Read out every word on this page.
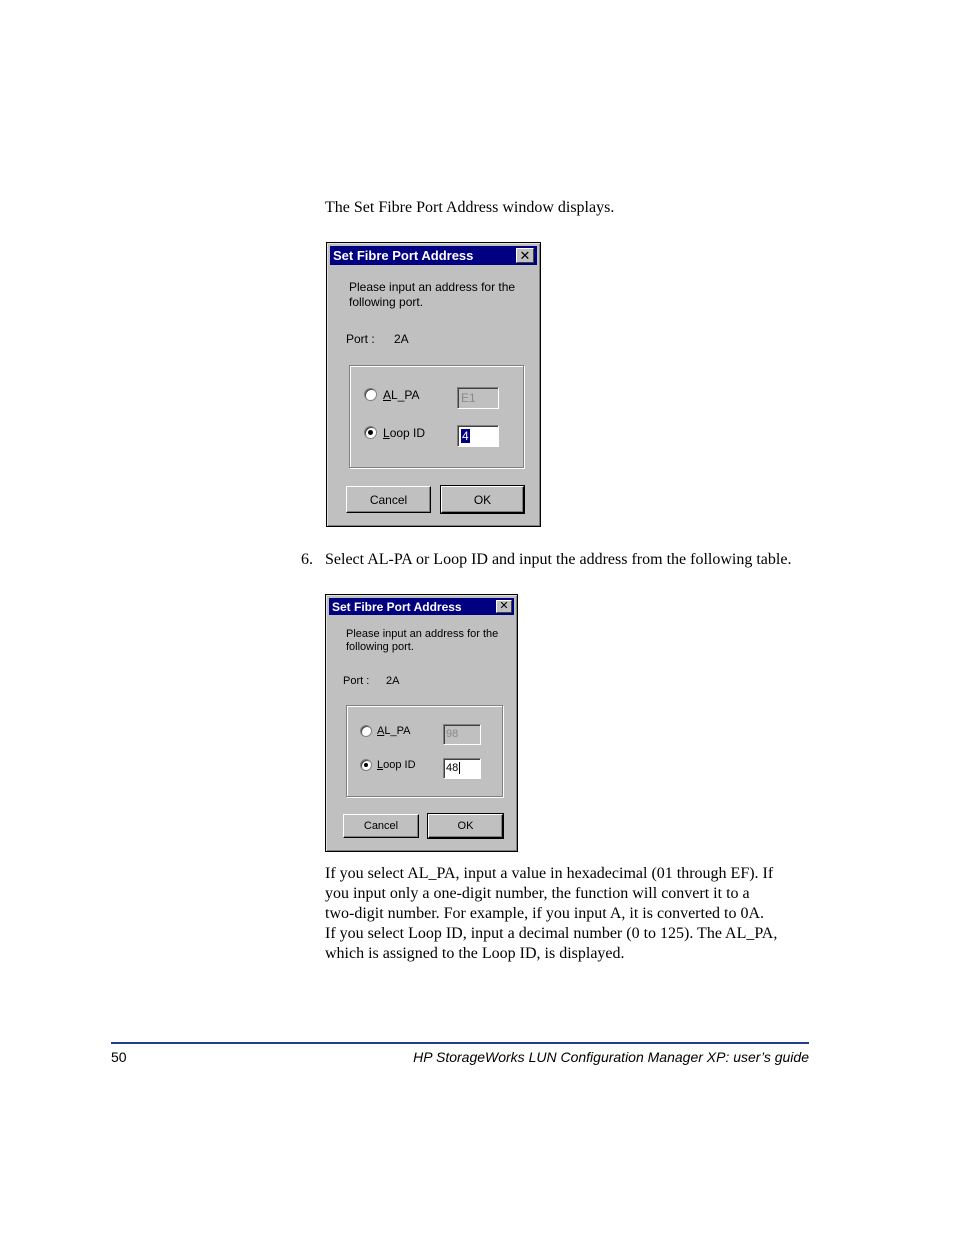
The Set Fibre Port Address window displays.
Set Fibre Port Address	✕
Please input an address for the
following port.
Port : 2A
AL_PA	E1
Loop ID	4
Cancel	OK
6. Select AL-PA or Loop ID and input the address from the following table.
Set Fibre Port Address	✕
Please input an address for the
following port.
Port : 2A
AL_PA	98
Loop ID	48
Cancel	OK
If you select AL_PA, input a value in hexadecimal (01 through EF). If
you input only a one-digit number, the function will convert it to a
two-digit number. For example, if you input A, it is converted to 0A.
If you select Loop ID, input a decimal number (0 to 125). The AL_PA,
which is assigned to the Loop ID, is displayed.
50	HP StorageWorks LUN Configuration Manager XP: user’s guide
